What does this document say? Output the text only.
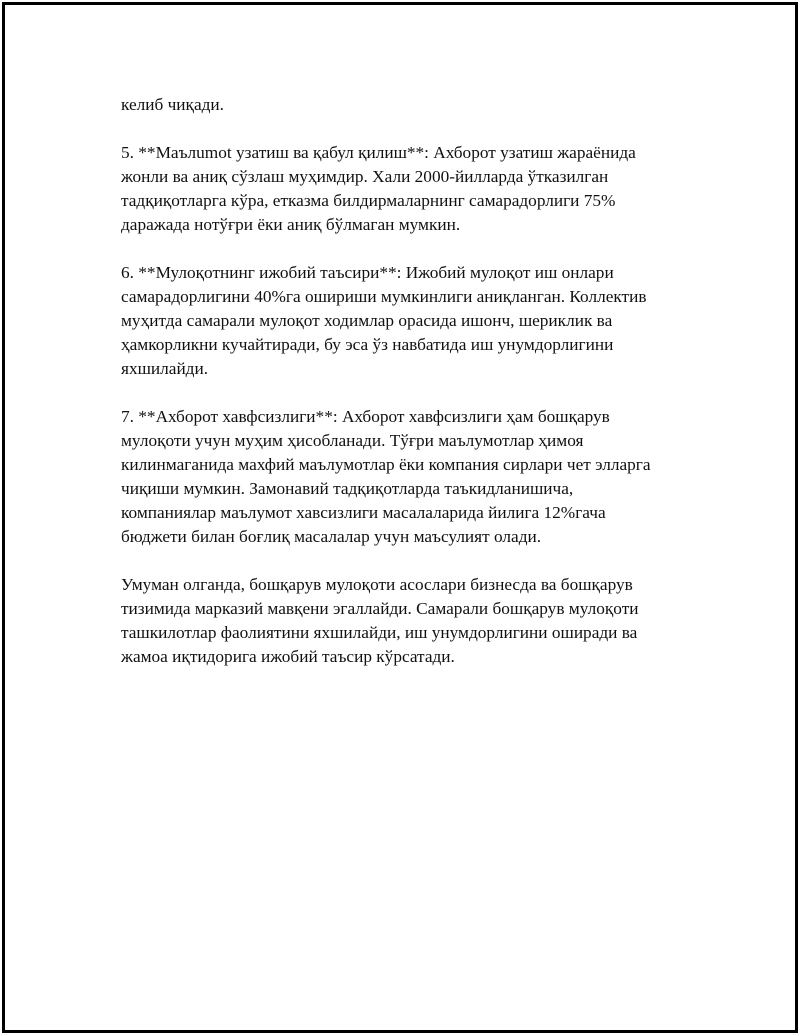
келиб чиқади.

5. **Маълumot узатиш ва қабул қилиш**: Ахборот узатиш жараёнида
жонли ва аниқ сўзлаш муҳимдир. Хали 2000-йилларда ўтказилган
тадқиқотларга кўра, етказма билдирмаларнинг самарадорлиги 75%
даражада нотўғри ёки аниқ бўлмаган мумкин.

6. **Мулоқотнинг ижобий таъсири**: Ижобий мулоқот иш онлари
самарадорлигини 40%га ошириши мумкинлиги аниқланган. Коллектив
муҳитда самарали мулоқот ходимлар орасида ишонч, шериклик ва
ҳамкорликни кучайтиради, бу эса ўз навбатида иш унумдорлигини
яхшилайди.

7. **Ахборот хавфсизлиги**: Ахборот хавфсизлиги ҳам бошқарув
мулоқоти учун муҳим ҳисобланади. Тўғри маълумотлар ҳимоя
килинмаганида махфий маълумотлар ёки компания сирлари чет элларга
чиқиши мумкин. Замонавий тадқиқотларда таъкидланишича,
компаниялар маълумот хавсизлиги масалаларида йилига 12%гача
бюджети билан боғлиқ масалалар учун маъсулият олади.

Умуман олганда, бошқарув мулоқоти асослари бизнесда ва бошқарув
тизимида марказий мавқени эгаллайди. Самарали бошқарув мулоқоти
ташкилотлар фаолиятини яхшилайди, иш унумдорлигини оширади ва
жамоа иқтидорига ижобий таъсир кўрсатади.
